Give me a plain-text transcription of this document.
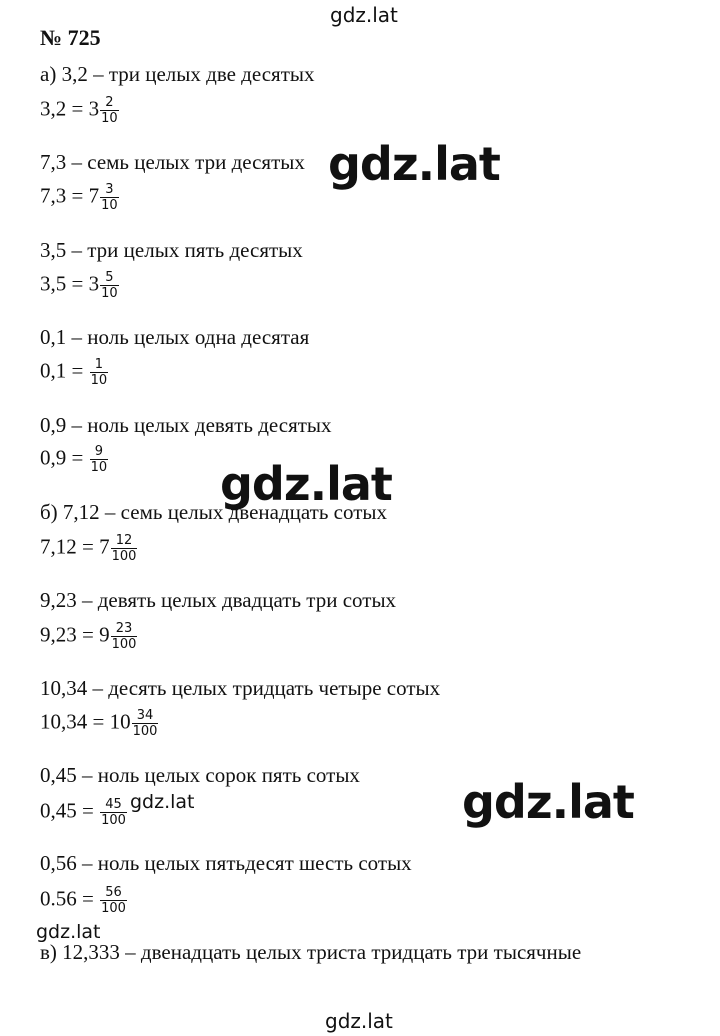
№ 725
а) 3,2 – три целых две десятых
$3,2 = 3 \frac{2}{10}$
7,3 – семь целых три десятых
$7,3 = 7 \frac{3}{10}$
3,5 – три целых пять десятых
$3,5 = 3 \frac{5}{10}$
0,1 – ноль целых одна десятая
$0,1 = \frac{1}{10}$
0,9 – ноль целых девять десятых
$0,9 = \frac{9}{10}$
б) 7,12 – семь целых двенадцать сотых
$7,12 = 7 \frac{12}{100}$
9,23 – девять целых двадцать три сотых
$9,23 = 9 \frac{23}{100}$
10,34 – десять целых тридцать четыре сотых
$10,34 = 10 \frac{34}{100}$
0,45 – ноль целых сорок пять сотых
$0,45 = \frac{45}{100}$
0,56 – ноль целых пятьдесят шесть сотых
$0.56 = \frac{56}{100}$
в) 12,333 – двенадцать целых триста тридцать три тысячные
gdz.lat
gdz.lat
gdz.lat
gdz.lat
gdz.lat
gdz.lat
gdz.lat
